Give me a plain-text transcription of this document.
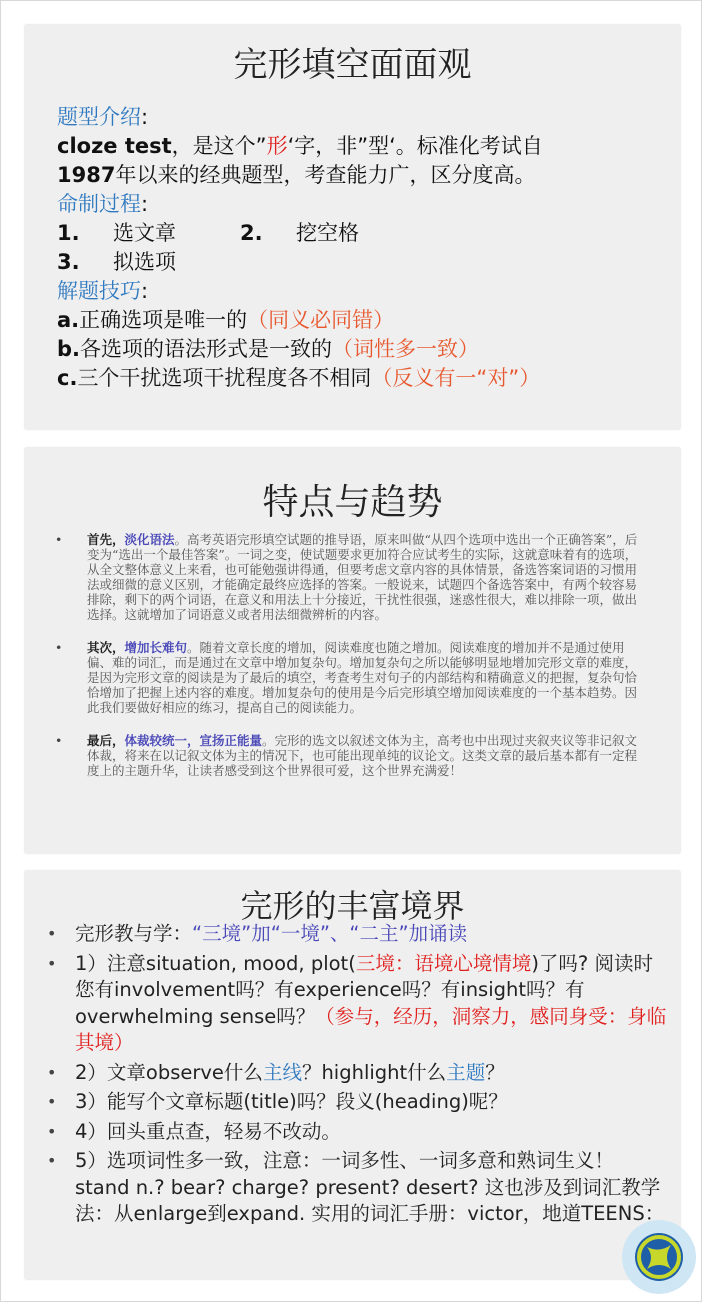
完形填空面面观
题型介绍:
cloze test，是这个”形‘字，非”型‘。标准化考试自
1987年以来的经典题型，考查能力广，区分度高。
命制过程:
1.	选文章	2.	挖空格
3.	拟选项
解题技巧:
a.正确选项是唯一的（同义必同错）
b.各选项的语法形式是一致的（词性多一致）
c.三个干扰选项干扰程度各不相同（反义有一“对”）
特点与趋势
•	首先，淡化语法。高考英语完形填空试题的推导语，原来叫做“从四个选项中选出一个正确答案”，后变为“选出一个最佳答案”。一词之变，使试题要求更加符合应试考生的实际，这就意味着有的选项，从全文整体意义上来看，也可能勉强讲得通，但要考虑文章内容的具体情景，备选答案词语的习惯用法或细微的意义区别，才能确定最终应选择的答案。一般说来，试题四个备选答案中，有两个较容易排除，剩下的两个词语，在意义和用法上十分接近，干扰性很强，迷惑性很大，难以排除一项，做出选择。这就增加了词语意义或者用法细微辨析的内容。
•	其次，增加长难句。随着文章长度的增加，阅读难度也随之增加。阅读难度的增加并不是通过使用偏、难的词汇，而是通过在文章中增加复杂句。增加复杂句之所以能够明显地增加完形文章的难度，是因为完形文章的阅读是为了最后的填空，考查考生对句子的内部结构和精确意义的把握，复杂句恰恰增加了把握上述内容的难度。增加复杂句的使用是今后完形填空增加阅读难度的一个基本趋势。因此我们要做好相应的练习，提高自己的阅读能力。
•	最后，体裁较统一，宣扬正能量。完形的选文以叙述文体为主，高考也中出现过夹叙夹议等非记叙文体裁，将来在以记叙文体为主的情况下，也可能出现单纯的议论文。这类文章的最后基本都有一定程度上的主题升华，让读者感受到这个世界很可爱，这个世界充满爱！
完形的丰富境界
• 完形教与学：“三境”加“一境”、“二主”加诵读
• 1）注意situation, mood, plot(三境：语境心境情境)了吗? 阅读时您有involvement吗？有experience吗？有insight吗？有overwhelming sense吗？（参与，经历，洞察力，感同身受：身临其境）
• 2）文章observe什么主线？highlight什么主题？
• 3）能写个文章标题(title)吗？段义(heading)呢？
• 4）回头重点查，轻易不改动。
• 5）选项词性多一致，注意：一词多性、一词多意和熟词生义！stand n.? bear? charge? present? desert? 这也涉及到词汇教学法：从enlarge到expand. 实用的词汇手册：victor，地道TEENS：
